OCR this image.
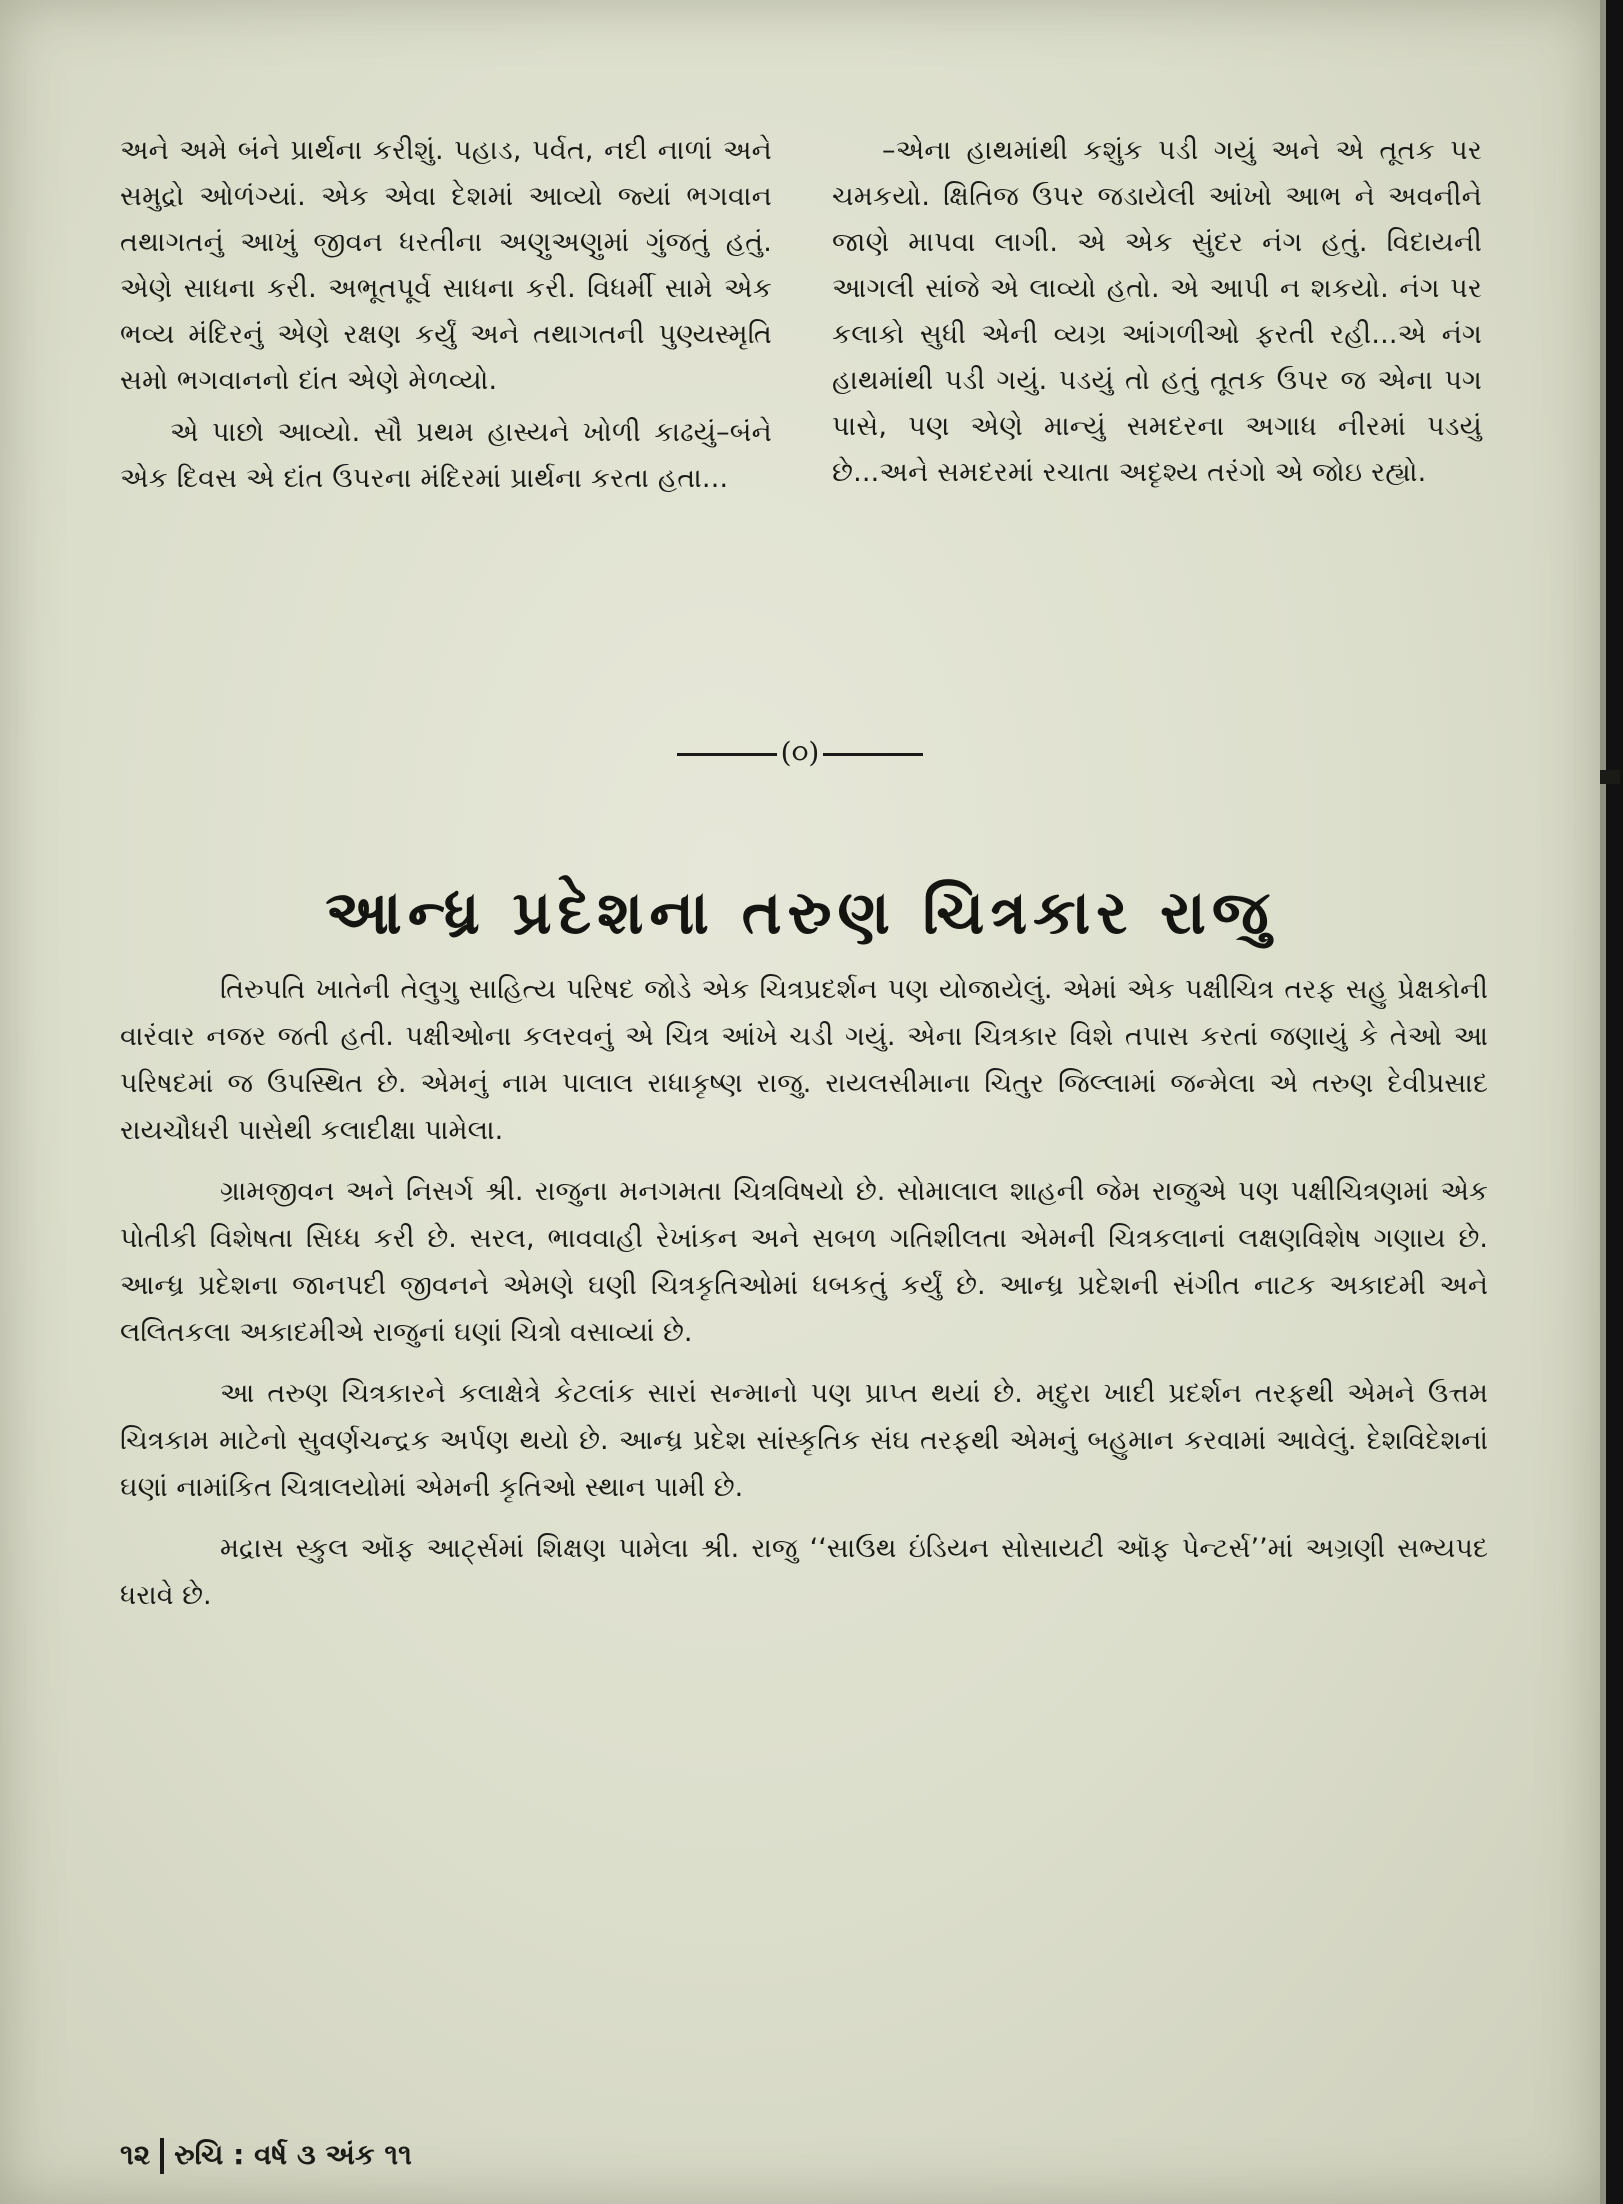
અને અમે બંને પ્રાર્થના કરીશું. પહાડ, પર્વત, નદી નાળાં અને સમુદ્રો ઓળંગ્યાં. એક એવા દેશમાં આવ્યો જ્યાં ભગવાન તથાગતનું આખું જીવન ધરતીના અણુઅણુમાં ગુંજતું હતું. એણે સાધના કરી. અભૂતપૂર્વ સાધના કરી. વિધર્મી સામે એક ભવ્ય મંદિરનું એણે રક્ષણ કર્યું અને તથાગતની પુણ્યસ્મૃતિ સમો ભગવાનનો દાંત એણે મેળવ્યો.

એ પાછો આવ્યો. સૌ પ્રથમ હાસ્યને ખોળી કાઢયું–બંને એક દિવસ એ દાંત ઉપરના મંદિરમાં પ્રાર્થના કરતા હતા...

–એના હાથમાંથી કશુંક પડી ગયું અને એ તૂતક પર ચમકયો. ક્ષિતિજ ઉપર જડાયેલી આંખો આભ ને અવનીને જાણે માપવા લાગી. એ એક સુંદર નંગ હતું. વિદાયની આગલી સાંજે એ લાવ્યો હતો. એ આપી ન શકયો. નંગ પર કલાકો સુધી એની વ્યગ્ર આંગળીઓ ફરતી રહી...એ નંગ હાથમાંથી પડી ગયું. પડયું તો હતું તૂતક ઉપર જ એના પગ પાસે, પણ એણે માન્યું સમદરના અગાધ નીરમાં પડયું છે...અને સમદરમાં રચાતા અદૃશ્ય તરંગો એ જોઇ રહ્યો.

(૦)
આન્ધ્ર પ્રદેશના તરુણ ચિત્રકાર રાજુ

તિરુપતિ ખાતેની તેલુગુ સાહિત્ય પરિષદ જોડે એક ચિત્રપ્રદર્શન પણ યોજાયેલું. એમાં એક પક્ષીચિત્ર તરફ સહુ પ્રેક્ષકોની વારંવાર નજર જતી હતી. પક્ષીઓના કલરવનું એ ચિત્ર આંખે ચડી ગયું. એના ચિત્રકાર વિશે તપાસ કરતાં જણાયું કે તેઓ આ પરિષદમાં જ ઉપસ્થિત છે. એમનું નામ પાલાલ રાધાકૃષ્ણ રાજુ. રાયલસીમાના ચિતુર જિલ્લામાં જન્મેલા એ તરુણ દેવીપ્રસાદ રાયચૌધરી પાસેથી કલાદીક્ષા પામેલા.

ગ્રામજીવન અને નિસર્ગ શ્રી. રાજુના મનગમતા ચિત્રવિષયો છે. સોમાલાલ શાહની જેમ રાજુએ પણ પક્ષીચિત્રણમાં એક પોતીકી વિશેષતા સિધ્ધ કરી છે. સરલ, ભાવવાહી રેખાંકન અને સબળ ગતિશીલતા એમની ચિત્રકલાનાં લક્ષણવિશેષ ગણાય છે. આન્ધ્ર પ્રદેશના જાનપદી જીવનને એમણે ઘણી ચિત્રકૃતિઓમાં ધબકતું કર્યું છે. આન્ધ્ર પ્રદેશની સંગીત નાટક અકાદમી અને લલિતકલા અકાદમીએ રાજુનાં ઘણાં ચિત્રો વસાવ્યાં છે.

આ તરુણ ચિત્રકારને કલાક્ષેત્રે કેટલાંક સારાં સન્માનો પણ પ્રાપ્ત થયાં છે. મદુરા ખાદી પ્રદર્શન તરફથી એમને ઉત્તમ ચિત્રકામ માટેનો સુવર્ણચન્દ્રક અર્પણ થયો છે. આન્ધ્ર પ્રદેશ સાંસ્કૃતિક સંઘ તરફથી એમનું બહુમાન કરવામાં આવેલું. દેશવિદેશનાં ઘણાં નામાંકિત ચિત્રાલયોમાં એમની કૃતિઓ સ્થાન પામી છે.

મદ્રાસ સ્કુલ ઑફ આર્ટ્સમાં શિક્ષણ પામેલા શ્રી. રાજુ ‘‘સાઉથ ઇંડિયન સોસાયટી ઑફ પેન્ટર્સ’’માં અગ્રણી સભ્યપદ ધરાવે છે.

૧૨ રુચિ : વર્ષ ૩ અંક ૧૧
